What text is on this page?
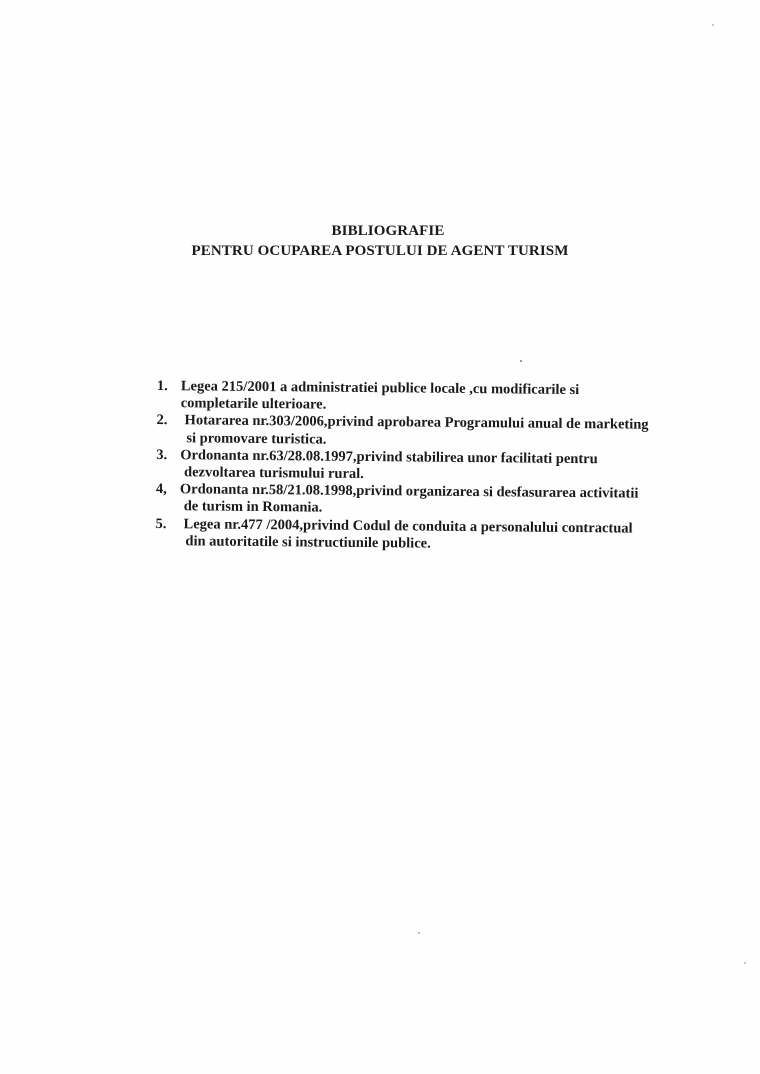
BIBLIOGRAFIE
PENTRU OCUPAREA POSTULUI DE AGENT TURISM
1. Legea 215/2001 a administratiei publice locale ,cu modificarile si
completarile ulterioare.
2.	Hotararea nr.303/2006,privind aprobarea Programului anual de marketing
si promovare turistica.
3. Ordonanta nr.63/28.08.1997,privind stabilirea unor facilitati pentru
dezvoltarea turismului rural.
4, Ordonanta nr.58/21.08.1998,privind organizarea si desfasurarea activitatii
de turism in Romania.
5.	Legea nr.477 /2004,privind Codul de conduita a personalului contractual
din autoritatile si instructiunile publice.
